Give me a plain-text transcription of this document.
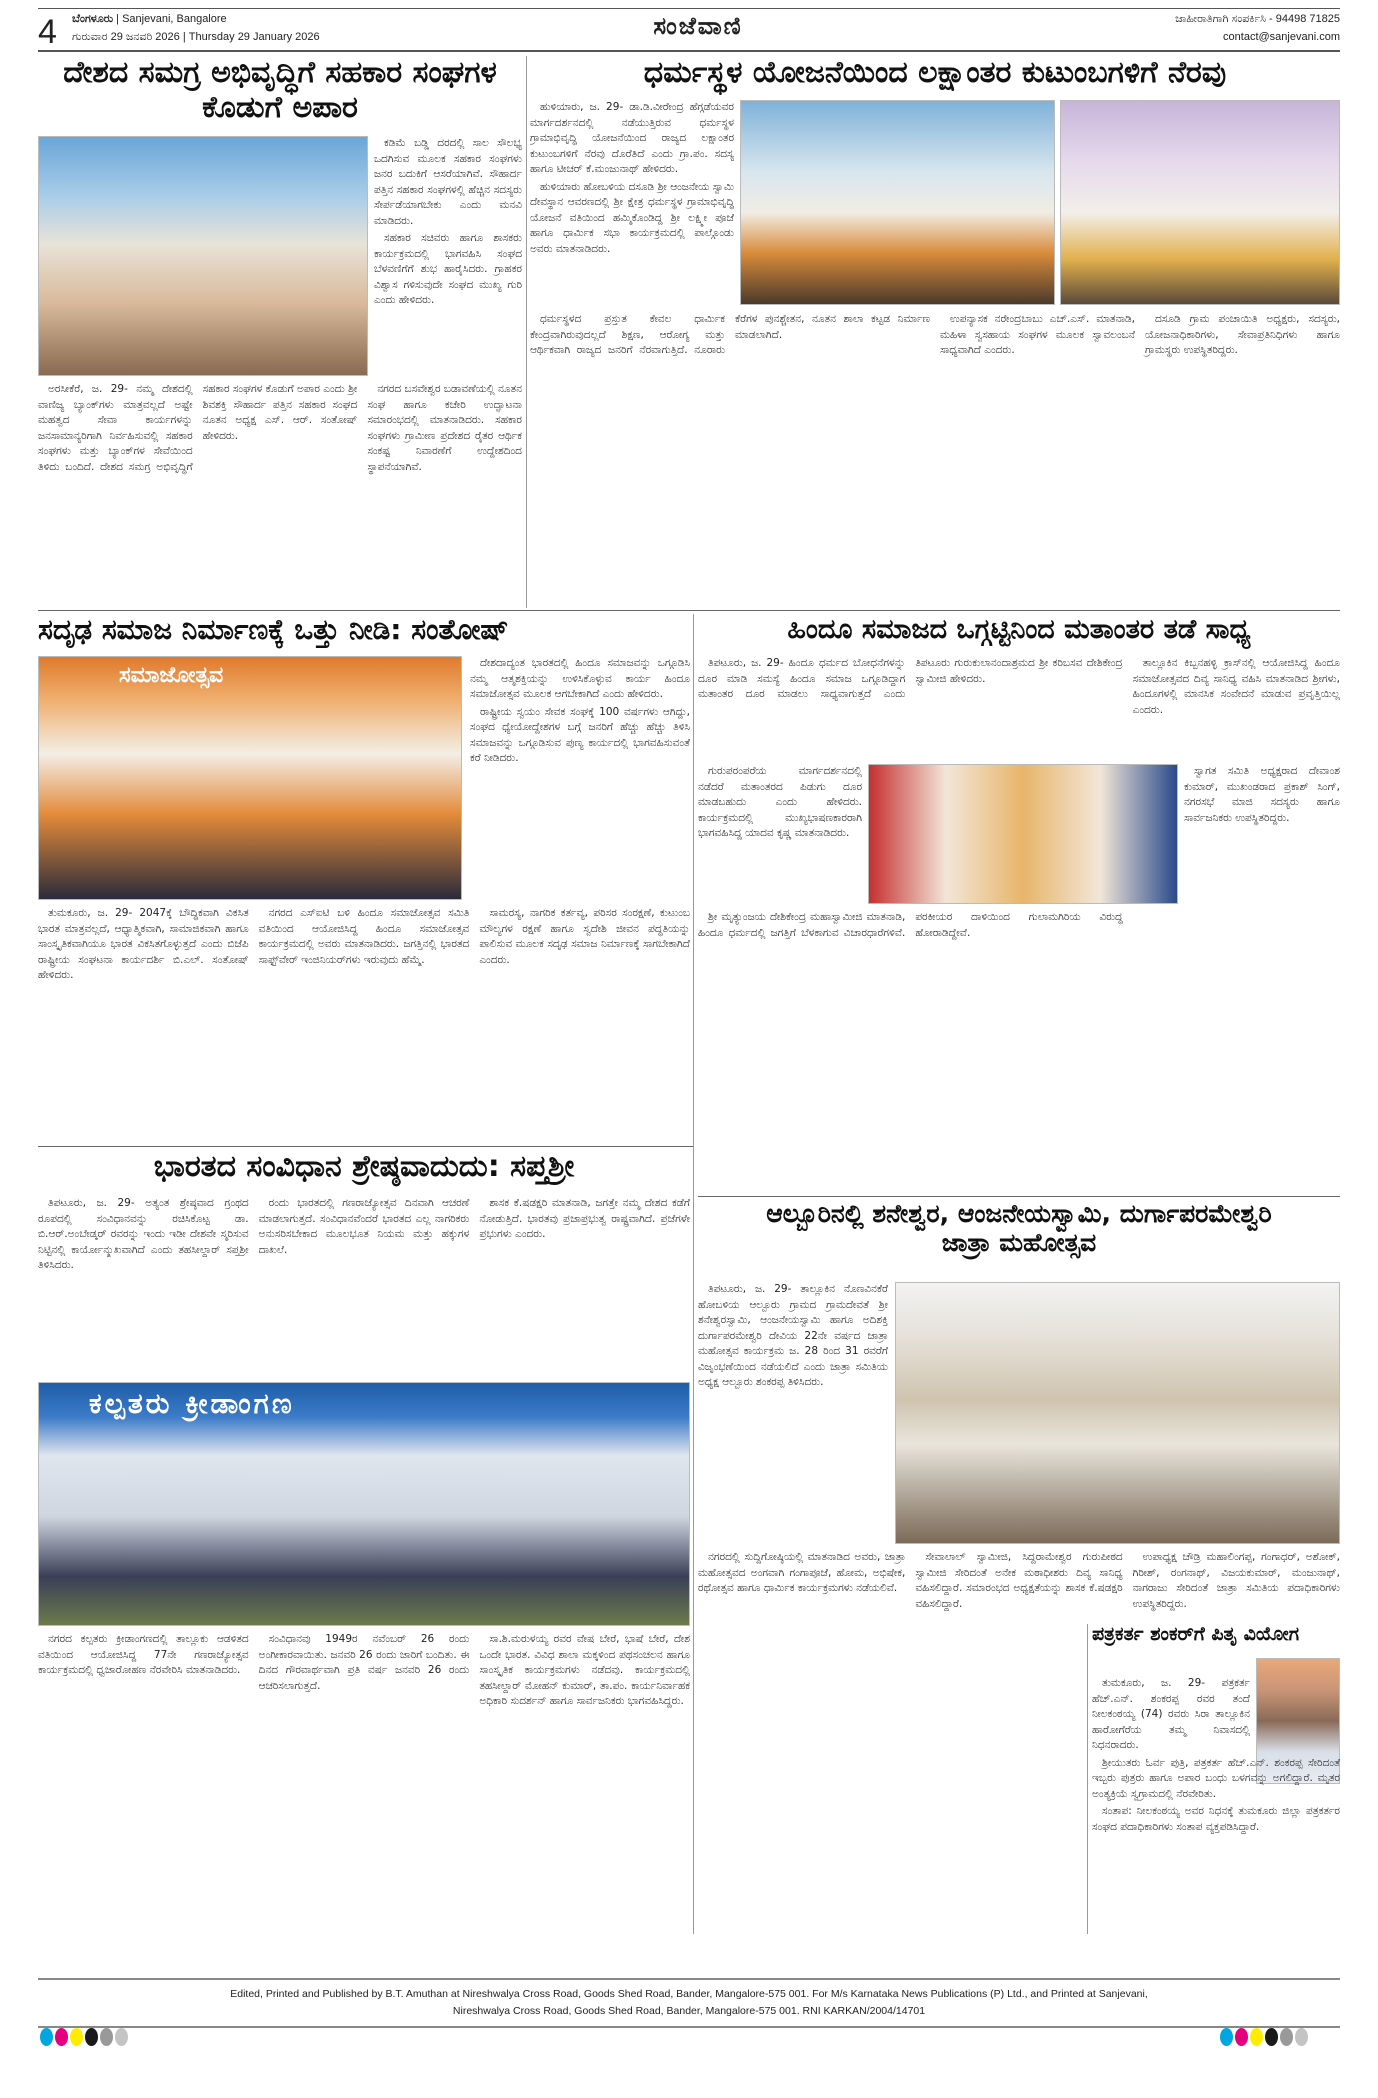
4 ಬೆಂಗಳೂರು | Sanjevani, Bangalore
ಗುರುವಾರ 29 ಜನವರಿ 2026 | Thursday 29 January 2026	ಸಂಜೆವಾಣಿ	ಜಾಹೀರಾತಿಗಾಗಿ ಸಂಪರ್ಕಿಸಿ - 94498 71825
contact@sanjevani.com
ದೇಶದ ಸಮಗ್ರ ಅಭಿವೃದ್ಧಿಗೆ ಸಹಕಾರ ಸಂಘಗಳ ಕೊಡುಗೆ ಅಪಾರ

ಕಡಿಮೆ ಬಡ್ಡಿ ದರದಲ್ಲಿ ಸಾಲ ಸೌಲಭ್ಯ ಒದಗಿಸುವ ಮೂಲಕ ಸಹಕಾರ ಸಂಘಗಳು ಜನರ ಬದುಕಿಗೆ ಆಸರೆಯಾಗಿವೆ. ಸೌಹಾರ್ದ ಪತ್ತಿನ ಸಹಕಾರ ಸಂಘಗಳಲ್ಲಿ ಹೆಚ್ಚಿನ ಸದಸ್ಯರು ಸೇರ್ಪಡೆಯಾಗಬೇಕು ಎಂದು ಮನವಿ ಮಾಡಿದರು.

ಸಹಕಾರ ಸಚಿವರು ಹಾಗೂ ಶಾಸಕರು ಕಾರ್ಯಕ್ರಮದಲ್ಲಿ ಭಾಗವಹಿಸಿ ಸಂಘದ ಬೆಳವಣಿಗೆಗೆ ಶುಭ ಹಾರೈಸಿದರು. ಗ್ರಾಹಕರ ವಿಶ್ವಾಸ ಗಳಿಸುವುದೇ ಸಂಘದ ಮುಖ್ಯ ಗುರಿ ಎಂದು ಹೇಳಿದರು.

ಅರಸೀಕೆರೆ, ಜ. 29- ನಮ್ಮ ದೇಶದಲ್ಲಿ ವಾಣಿಜ್ಯ ಬ್ಯಾಂಕ್‌ಗಳು ಮಾತ್ರವಲ್ಲದೆ ಅಷ್ಟೇ ಮಹತ್ವದ ಸೇವಾ ಕಾರ್ಯಗಳನ್ನು ಜನಸಾಮಾನ್ಯರಿಗಾಗಿ ನಿರ್ವಹಿಸುವಲ್ಲಿ ಸಹಕಾರ ಸಂಘಗಳು ಮತ್ತು ಬ್ಯಾಂಕ್‌ಗಳ ಸೇವೆಯಿಂದ ತಿಳಿದು ಬಂದಿದೆ. ದೇಶದ ಸಮಗ್ರ ಅಭಿವೃದ್ಧಿಗೆ ಸಹಕಾರ ಸಂಘಗಳ ಕೊಡುಗೆ ಅಪಾರ ಎಂದು ಶ್ರೀ ಶಿವಶಕ್ತಿ ಸೌಹಾರ್ದ ಪತ್ತಿನ ಸಹಕಾರ ಸಂಘದ ನೂತನ ಅಧ್ಯಕ್ಷ ಎಸ್. ಆರ್. ಸಂತೋಷ್ ಹೇಳಿದರು.

ನಗರದ ಬಸವೇಶ್ವರ ಬಡಾವಣೆಯಲ್ಲಿ ನೂತನ ಸಂಘ ಹಾಗೂ ಕಚೇರಿ ಉದ್ಘಾಟನಾ ಸಮಾರಂಭದಲ್ಲಿ ಮಾತನಾಡಿದರು. ಸಹಕಾರ ಸಂಘಗಳು ಗ್ರಾಮೀಣ ಪ್ರದೇಶದ ರೈತರ ಆರ್ಥಿಕ ಸಂಕಷ್ಟ ನಿವಾರಣೆಗೆ ಉದ್ದೇಶದಿಂದ ಸ್ಥಾಪನೆಯಾಗಿವೆ.

ಧರ್ಮಸ್ಥಳ ಯೋಜನೆಯಿಂದ ಲಕ್ಷಾಂತರ ಕುಟುಂಬಗಳಿಗೆ ನೆರವು

ಹುಳಿಯಾರು, ಜ. 29- ಡಾ.ಡಿ.ವೀರೇಂದ್ರ ಹೆಗ್ಗಡೆಯವರ ಮಾರ್ಗದರ್ಶನದಲ್ಲಿ ನಡೆಯುತ್ತಿರುವ ಧರ್ಮಸ್ಥಳ ಗ್ರಾಮಾಭಿವೃದ್ಧಿ ಯೋಜನೆಯಿಂದ ರಾಜ್ಯದ ಲಕ್ಷಾಂತರ ಕುಟುಂಬಗಳಿಗೆ ನೆರವು ದೊರೆತಿದೆ ಎಂದು ಗ್ರಾ.ಪಂ. ಸದಸ್ಯ ಹಾಗೂ ಟೀಚರ್ ಕೆ.ಮಂಜುನಾಥ್ ಹೇಳಿದರು.

ಹುಳಿಯಾರು ಹೋಬಳಿಯ ದಸೂಡಿ ಶ್ರೀ ಆಂಜನೇಯ ಸ್ವಾಮಿ ದೇವಸ್ಥಾನ ಆವರಣದಲ್ಲಿ ಶ್ರೀ ಕ್ಷೇತ್ರ ಧರ್ಮಸ್ಥಳ ಗ್ರಾಮಾಭಿವೃದ್ಧಿ ಯೋಜನೆ ವತಿಯಿಂದ ಹಮ್ಮಿಕೊಂಡಿದ್ದ ಶ್ರೀ ಲಕ್ಷ್ಮೀ ಪೂಜೆ ಹಾಗೂ ಧಾರ್ಮಿಕ ಸಭಾ ಕಾರ್ಯಕ್ರಮದಲ್ಲಿ ಪಾಲ್ಗೊಂಡು ಅವರು ಮಾತನಾಡಿದರು.

ಧರ್ಮಸ್ಥಳದ ಪ್ರಸ್ತುತ ಕೇವಲ ಧಾರ್ಮಿಕ ಕೇಂದ್ರವಾಗಿರುವುದಲ್ಲದೆ ಶಿಕ್ಷಣ, ಆರೋಗ್ಯ ಮತ್ತು ಆರ್ಥಿಕವಾಗಿ ರಾಜ್ಯದ ಜನರಿಗೆ ನೆರವಾಗುತ್ತಿದೆ. ನೂರಾರು ಕೆರೆಗಳ ಪುನಶ್ಚೇತನ, ನೂತನ ಶಾಲಾ ಕಟ್ಟಡ ನಿರ್ಮಾಣ ಮಾಡಲಾಗಿದೆ.

ಉಪನ್ಯಾಸಕ ನರೇಂದ್ರಬಾಬು ಎಚ್.ಎಸ್. ಮಾತನಾಡಿ, ಮಹಿಳಾ ಸ್ವಸಹಾಯ ಸಂಘಗಳ ಮೂಲಕ ಸ್ವಾವಲಂಬನೆ ಸಾಧ್ಯವಾಗಿದೆ ಎಂದರು.

ದಸೂಡಿ ಗ್ರಾಮ ಪಂಚಾಯಿತಿ ಅಧ್ಯಕ್ಷರು, ಸದಸ್ಯರು, ಯೋಜನಾಧಿಕಾರಿಗಳು, ಸೇವಾಪ್ರತಿನಿಧಿಗಳು ಹಾಗೂ ಗ್ರಾಮಸ್ಥರು ಉಪಸ್ಥಿತರಿದ್ದರು.

ಸದೃಢ ಸಮಾಜ ನಿರ್ಮಾಣಕ್ಕೆ ಒತ್ತು ನೀಡಿ: ಸಂತೋಷ್
ಸಮಾಜೋತ್ಸವ	ದೇಶದಾದ್ಯಂತ ಭಾರತದಲ್ಲಿ ಹಿಂದೂ ಸಮಾಜವನ್ನು ಒಗ್ಗೂಡಿಸಿ ನಮ್ಮ ಆತ್ಮಶಕ್ತಿಯನ್ನು ಉಳಿಸಿಕೊಳ್ಳುವ ಕಾರ್ಯ ಹಿಂದೂ ಸಮಾಜೋತ್ಸವ ಮೂಲಕ ಆಗಬೇಕಾಗಿದೆ ಎಂದು ಹೇಳಿದರು.

ರಾಷ್ಟ್ರೀಯ ಸ್ವಯಂ ಸೇವಕ ಸಂಘಕ್ಕೆ 100 ವರ್ಷಗಳು ಆಗಿದ್ದು, ಸಂಘದ ಧ್ಯೇಯೋದ್ದೇಶಗಳ ಬಗ್ಗೆ ಜನರಿಗೆ ಹೆಚ್ಚು ಹೆಚ್ಚು ತಿಳಿಸಿ ಸಮಾಜವನ್ನು ಒಗ್ಗೂಡಿಸುವ ಪುಣ್ಯ ಕಾರ್ಯದಲ್ಲಿ ಭಾಗವಹಿಸುವಂತೆ ಕರೆ ನೀಡಿದರು.

ತುಮಕೂರು, ಜ. 29- 2047ಕ್ಕೆ ಬೌದ್ಧಿಕವಾಗಿ ವಿಕಸಿತ ಭಾರತ ಮಾತ್ರವಲ್ಲದೆ, ಆಧ್ಯಾತ್ಮಿಕವಾಗಿ, ಸಾಮಾಜಿಕವಾಗಿ ಹಾಗೂ ಸಾಂಸ್ಕೃತಿಕವಾಗಿಯೂ ಭಾರತ ವಿಕಸಿತಗೊಳ್ಳುತ್ತದೆ ಎಂದು ಬಿಜೆಪಿ ರಾಷ್ಟ್ರೀಯ ಸಂಘಟನಾ ಕಾರ್ಯದರ್ಶಿ ಬಿ.ಎಲ್. ಸಂತೋಷ್ ಹೇಳಿದರು.

ನಗರದ ಎಸ್‌ಐಟಿ ಬಳಿ ಹಿಂದೂ ಸಮಾಜೋತ್ಸವ ಸಮಿತಿ ವತಿಯಿಂದ ಆಯೋಜಿಸಿದ್ದ ಹಿಂದೂ ಸಮಾಜೋತ್ಸವ ಕಾರ್ಯಕ್ರಮದಲ್ಲಿ ಅವರು ಮಾತನಾಡಿದರು. ಜಗತ್ತಿನಲ್ಲಿ ಭಾರತದ ಸಾಫ್ಟ್‌ವೇರ್ ಇಂಜಿನಿಯರ್‌ಗಳು ಇರುವುದು ಹೆಮ್ಮೆ.

ಸಾಮರಸ್ಯ, ನಾಗರಿಕ ಕರ್ತವ್ಯ, ಪರಿಸರ ಸಂರಕ್ಷಣೆ, ಕುಟುಂಬ ಮೌಲ್ಯಗಳ ರಕ್ಷಣೆ ಹಾಗೂ ಸ್ವದೇಶಿ ಜೀವನ ಪದ್ಧತಿಯನ್ನು ಪಾಲಿಸುವ ಮೂಲಕ ಸದೃಢ ಸಮಾಜ ನಿರ್ಮಾಣಕ್ಕೆ ಸಾಗಬೇಕಾಗಿದೆ ಎಂದರು.

ಹಿಂದೂ ಸಮಾಜದ ಒಗ್ಗಟ್ಟಿನಿಂದ ಮತಾಂತರ ತಡೆ ಸಾಧ್ಯ

ತಿಪಟೂರು, ಜ. 29- ಹಿಂದೂ ಧರ್ಮದ ಬೋಧನೆಗಳನ್ನು ದೂರ ಮಾಡಿ ಸಮಸ್ಯೆ ಹಿಂದೂ ಸಮಾಜ ಒಗ್ಗೂಡಿದ್ದಾಗ ಮತಾಂತರ ದೂರ ಮಾಡಲು ಸಾಧ್ಯವಾಗುತ್ತದೆ ಎಂದು ತಿಪಟೂರು ಗುರುಕುಲಾನಂದಾಶ್ರಮದ ಶ್ರೀ ಕರಿಬಸವ ದೇಶಿಕೇಂದ್ರ ಸ್ವಾಮೀಜಿ ಹೇಳಿದರು.

ತಾಲ್ಲೂಕಿನ ಕಿಬ್ಬನಹಳ್ಳಿ ಕ್ರಾಸ್‌ನಲ್ಲಿ ಆಯೋಜಿಸಿದ್ದ ಹಿಂದೂ ಸಮಾಜೋತ್ಸವದ ದಿವ್ಯ ಸಾನಿಧ್ಯ ವಹಿಸಿ ಮಾತನಾಡಿದ ಶ್ರೀಗಳು, ಹಿಂದೂಗಳಲ್ಲಿ ಮಾನಸಿಕ ಸಂವೇದನೆ ಮಾಡುವ ಪ್ರವೃತ್ತಿಯಿಲ್ಲ ಎಂದರು.

ಗುರುಪರಂಪರೆಯ ಮಾರ್ಗದರ್ಶನದಲ್ಲಿ ನಡೆದರೆ ಮತಾಂತರದ ಪಿಡುಗು ದೂರ ಮಾಡಬಹುದು ಎಂದು ಹೇಳಿದರು. ಕಾರ್ಯಕ್ರಮದಲ್ಲಿ ಮುಖ್ಯಭಾಷಣಕಾರರಾಗಿ ಭಾಗವಹಿಸಿದ್ದ ಯಾದವ ಕೃಷ್ಣ ಮಾತನಾಡಿದರು.

ಸ್ವಾಗತ ಸಮಿತಿ ಅಧ್ಯಕ್ಷರಾದ ದೇವಾಂಶ ಕುಮಾರ್, ಮುಖಂಡರಾದ ಪ್ರಕಾಶ್ ಸಿಂಗ್, ನಗರಸಭೆ ಮಾಜಿ ಸದಸ್ಯರು ಹಾಗೂ ಸಾರ್ವಜನಿಕರು ಉಪಸ್ಥಿತರಿದ್ದರು.

ಶ್ರೀ ಮೃತ್ಯುಂಜಯ ದೇಶಿಕೇಂದ್ರ ಮಹಾಸ್ವಾಮೀಜಿ ಮಾತನಾಡಿ, ಹಿಂದೂ ಧರ್ಮದಲ್ಲಿ ಜಗತ್ತಿಗೆ ಬೆಳಕಾಗುವ ವಿಚಾರಧಾರೆಗಳಿವೆ. ಪರಕೀಯರ ದಾಳಿಯಿಂದ ಗುಲಾಮಗಿರಿಯ ವಿರುದ್ಧ ಹೋರಾಡಿದ್ದೇವೆ.

ಭಾರತದ ಸಂವಿಧಾನ ಶ್ರೇಷ್ಠವಾದುದು: ಸಪ್ತಶ್ರೀ

ತಿಪಟೂರು, ಜ. 29- ಅತ್ಯಂತ ಶ್ರೇಷ್ಠವಾದ ಗ್ರಂಥದ ರೂಪದಲ್ಲಿ ಸಂವಿಧಾನವನ್ನು ರಚಿಸಿಕೊಟ್ಟ ಡಾ. ಬಿ.ಆರ್.ಅಂಬೇಡ್ಕರ್ ರವರನ್ನು ಇಂದು ಇಡೀ ದೇಶವೇ ಸ್ಮರಿಸುವ ನಿಟ್ಟಿನಲ್ಲಿ ಕಾರ್ಯೋನ್ಮುಖವಾಗಿದೆ ಎಂದು ತಹಸೀಲ್ದಾರ್ ಸಪ್ತಶ್ರೀ ತಿಳಿಸಿದರು.

ರಂದು ಭಾರತದಲ್ಲಿ ಗಣರಾಜ್ಯೋತ್ಸವ ದಿನವಾಗಿ ಆಚರಣೆ ಮಾಡಲಾಗುತ್ತದೆ. ಸಂವಿಧಾನವೆಂದರೆ ಭಾರತದ ಎಲ್ಲ ನಾಗರಿಕರು ಅನುಸರಿಸಬೇಕಾದ ಮೂಲಭೂತ ನಿಯಮ ಮತ್ತು ಹಕ್ಕುಗಳ ದಾಖಲೆ.

ಶಾಸಕ ಕೆ.ಷಡಕ್ಷರಿ ಮಾತನಾಡಿ, ಜಗತ್ತೇ ನಮ್ಮ ದೇಶದ ಕಡೆಗೆ ನೋಡುತ್ತಿದೆ. ಭಾರತವು ಪ್ರಜಾಪ್ರಭುತ್ವ ರಾಷ್ಟ್ರವಾಗಿದೆ. ಪ್ರಜೆಗಳೇ ಪ್ರಭುಗಳು ಎಂದರು.

ಕಲ್ಪತರು ಕ್ರೀಡಾಂಗಣ

ನಗರದ ಕಲ್ಪತರು ಕ್ರೀಡಾಂಗಣದಲ್ಲಿ ತಾಲ್ಲೂಕು ಆಡಳಿತದ ವತಿಯಿಂದ ಆಯೋಜಿಸಿದ್ದ 77ನೇ ಗಣರಾಜ್ಯೋತ್ಸವ ಕಾರ್ಯಕ್ರಮದಲ್ಲಿ ಧ್ವಜಾರೋಹಣ ನೆರವೇರಿಸಿ ಮಾತನಾಡಿದರು.

ಸಂವಿಧಾನವು 1949ರ ನವೆಂಬರ್ 26 ರಂದು ಅಂಗೀಕಾರವಾಯಿತು. ಜನವರಿ 26 ರಂದು ಜಾರಿಗೆ ಬಂದಿತು. ಈ ದಿನದ ಗೌರವಾರ್ಥವಾಗಿ ಪ್ರತಿ ವರ್ಷ ಜನವರಿ 26 ರಂದು ಆಚರಿಸಲಾಗುತ್ತದೆ.

ಸಾ.ಶಿ.ಮರುಳಯ್ಯ ರವರ ವೇಷ ಬೇರೆ, ಭಾಷೆ ಬೇರೆ, ದೇಶ ಒಂದೇ ಭಾರತ. ವಿವಿಧ ಶಾಲಾ ಮಕ್ಕಳಿಂದ ಪಥಸಂಚಲನ ಹಾಗೂ ಸಾಂಸ್ಕೃತಿಕ ಕಾರ್ಯಕ್ರಮಗಳು ನಡೆದವು. ಕಾರ್ಯಕ್ರಮದಲ್ಲಿ ತಹಸೀಲ್ದಾರ್ ಮೋಹನ್ ಕುಮಾರ್, ತಾ.ಪಂ. ಕಾರ್ಯನಿರ್ವಾಹಕ ಅಧಿಕಾರಿ ಸುದರ್ಶನ್ ಹಾಗೂ ಸಾರ್ವಜನಿಕರು ಭಾಗವಹಿಸಿದ್ದರು.

ಆಲ್ಬೂರಿನಲ್ಲಿ ಶನೇಶ್ವರ, ಆಂಜನೇಯಸ್ವಾಮಿ, ದುರ್ಗಾಪರಮೇಶ್ವರಿ ಜಾತ್ರಾ ಮಹೋತ್ಸವ

ತಿಪಟೂರು, ಜ. 29- ತಾಲ್ಲೂಕಿನ ನೊಣವಿನಕೆರೆ ಹೋಬಳಿಯ ಆಲ್ಬೂರು ಗ್ರಾಮದ ಗ್ರಾಮದೇವತೆ ಶ್ರೀ ಶನೇಶ್ವರಸ್ವಾಮಿ, ಆಂಜನೇಯಸ್ವಾಮಿ ಹಾಗೂ ಅದಿಶಕ್ತಿ ದುರ್ಗಾಪರಮೇಶ್ವರಿ ದೇವಿಯ 22ನೇ ವರ್ಷದ ಜಾತ್ರಾ ಮಹೋತ್ಸವ ಕಾರ್ಯಕ್ರಮ ಜ. 28 ರಿಂದ 31 ರವರೆಗೆ ವಿಜೃಂಭಣೆಯಿಂದ ನಡೆಯಲಿದೆ ಎಂದು ಜಾತ್ರಾ ಸಮಿತಿಯ ಅಧ್ಯಕ್ಷ ಆಲ್ಬೂರು ಶಂಕರಪ್ಪ ತಿಳಿಸಿದರು.

ನಗರದಲ್ಲಿ ಸುದ್ದಿಗೋಷ್ಠಿಯಲ್ಲಿ ಮಾತನಾಡಿದ ಅವರು, ಜಾತ್ರಾ ಮಹೋತ್ಸವದ ಅಂಗವಾಗಿ ಗಂಗಾಪೂಜೆ, ಹೋಮ, ಅಭಿಷೇಕ, ರಥೋತ್ಸವ ಹಾಗೂ ಧಾರ್ಮಿಕ ಕಾರ್ಯಕ್ರಮಗಳು ನಡೆಯಲಿವೆ.

ಸೇವಾಲಾಲ್ ಸ್ವಾಮೀಜಿ, ಸಿದ್ದರಾಮೇಶ್ವರ ಗುರುಪೀಠದ ಸ್ವಾಮೀಜಿ ಸೇರಿದಂತೆ ಅನೇಕ ಮಠಾಧೀಶರು ದಿವ್ಯ ಸಾನಿಧ್ಯ ವಹಿಸಲಿದ್ದಾರೆ. ಸಮಾರಂಭದ ಅಧ್ಯಕ್ಷತೆಯನ್ನು ಶಾಸಕ ಕೆ.ಷಡಕ್ಷರಿ ವಹಿಸಲಿದ್ದಾರೆ.

ಉಪಾಧ್ಯಕ್ಷ ಚೌಡ್ರಿ ಮಹಾಲಿಂಗಪ್ಪ, ಗಂಗಾಧರ್, ಅಶೋಕ್, ಗಿರೀಶ್, ರಂಗನಾಥ್, ವಿಜಯಕುಮಾರ್, ಮಂಜುನಾಥ್, ನಾಗರಾಜು ಸೇರಿದಂತೆ ಜಾತ್ರಾ ಸಮಿತಿಯ ಪದಾಧಿಕಾರಿಗಳು ಉಪಸ್ಥಿತರಿದ್ದರು.

ಪತ್ರಕರ್ತ ಶಂಕರ್‌ಗೆ ಪಿತೃ ವಿಯೋಗ

ತುಮಕೂರು, ಜ. 29- ಪತ್ರಕರ್ತ ಹೆಚ್.ಎನ್. ಶಂಕರಪ್ಪ ರವರ ತಂದೆ ನೀಲಕಂಠಯ್ಯ (74) ರವರು ಸಿರಾ ತಾಲ್ಲೂಕಿನ ಹಾರೋಗೆರೆಯ ತಮ್ಮ ನಿವಾಸದಲ್ಲಿ ನಿಧನರಾದರು.

ಶ್ರೀಯುತರು ಓರ್ವ ಪುತ್ರಿ, ಪತ್ರಕರ್ತ ಹೆಚ್.ಎನ್. ಶಂಕರಪ್ಪ ಸೇರಿದಂತೆ ಇಬ್ಬರು ಪುತ್ರರು ಹಾಗೂ ಅಪಾರ ಬಂಧು ಬಳಗವನ್ನು ಅಗಲಿದ್ದಾರೆ. ಮೃತರ ಅಂತ್ಯಕ್ರಿಯೆ ಸ್ವಗ್ರಾಮದಲ್ಲಿ ನೆರವೇರಿತು.

ಸಂತಾಪ: ನೀಲಕಂಠಯ್ಯ ಅವರ ನಿಧನಕ್ಕೆ ತುಮಕೂರು ಜಿಲ್ಲಾ ಪತ್ರಕರ್ತರ ಸಂಘದ ಪದಾಧಿಕಾರಿಗಳು ಸಂತಾಪ ವ್ಯಕ್ತಪಡಿಸಿದ್ದಾರೆ.

Edited, Printed and Published by B.T. Amuthan at Nireshwalya Cross Road, Goods Shed Road, Bander, Mangalore-575 001. For M/s Karnataka News Publications (P) Ltd., and Printed at Sanjevani,
Nireshwalya Cross Road, Goods Shed Road, Bander, Mangalore-575 001. RNI KARKAN/2004/14701
